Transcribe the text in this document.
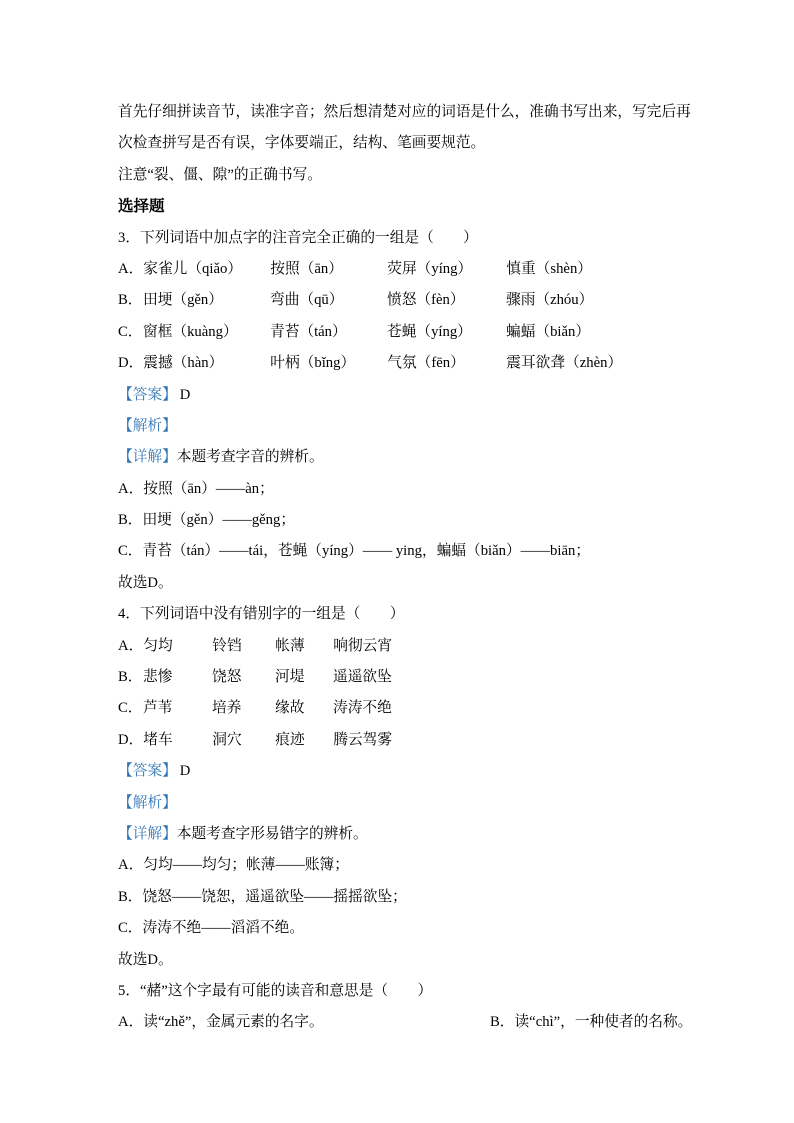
首先仔细拼读音节，读准字音；然后想清楚对应的词语是什么，准确书写出来，写完后再
次检查拼写是否有误，字体要端正，结构、笔画要规范。
注意“裂、僵、隙”的正确书写。
选择题
3．下列词语中加点字的注音完全正确的一组是（　　）
A． 家雀儿（qiǎo）	按照（ān）	荧屏（yíng）	慎重（shèn）
B． 田埂（gěn）	弯曲（qū）	愤怒（fèn）	骤雨（zhóu）
C． 窗框（kuàng）	青苔（tán）	苍蝇（yíng）	蝙蝠（biǎn）
D． 震撼（hàn）	叶柄（bǐng）	气氛（fēn）	震耳欲聋（zhèn）
【答案】 D
【解析】
【详解】本题考查字音的辨析。
A．按照（ān）——àn；
B．田埂（gěn）——gěng；
C．青苔（tán）——tái，苍蝇（yíng）—— ying，蝙蝠（biǎn）——biān；
故选D。
4．下列词语中没有错别字的一组是（　　）
A． 匀均	铃铛	帐薄	响彻云宵
B． 悲惨	饶怒	河堤	遥遥欲坠
C． 芦苇	培养	缘故	涛涛不绝
D． 堵车	洞穴	痕迹	腾云驾雾
【答案】 D
【解析】
【详解】本题考查字形易错字的辨析。
A．匀均——均匀；帐薄——账簿；
B．饶怒——饶恕，遥遥欲坠——摇摇欲坠；
C．涛涛不绝——滔滔不绝。
故选D。
5．“赭”这个字最有可能的读音和意思是（　　）
A．读“zhě”，金属元素的名字。	B．读“chì”，一种使者的名称。
